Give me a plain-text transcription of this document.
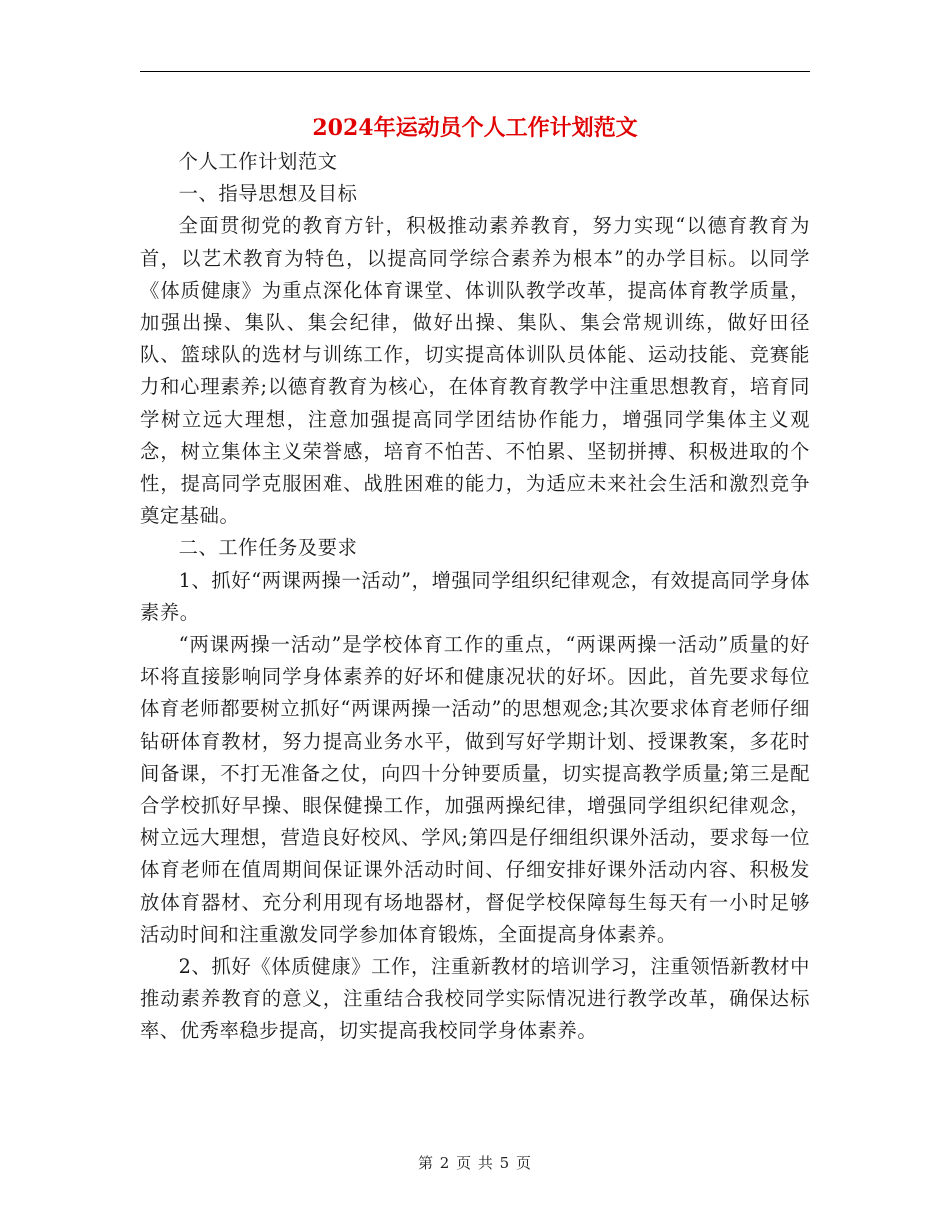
2024年运动员个人工作计划范文

个人工作计划范文

一、指导思想及目标

全面贯彻党的教育方针，积极推动素养教育，努力实现“以德育教育为首，以艺术教育为特色，以提高同学综合素养为根本”的办学目标。以同学《体质健康》为重点深化体育课堂、体训队教学改革，提高体育教学质量，加强出操、集队、集会纪律，做好出操、集队、集会常规训练，做好田径队、篮球队的选材与训练工作，切实提高体训队员体能、运动技能、竞赛能力和心理素养;以德育教育为核心，在体育教育教学中注重思想教育，培育同学树立远大理想，注意加强提高同学团结协作能力，增强同学集体主义观念，树立集体主义荣誉感，培育不怕苦、不怕累、坚韧拼搏、积极进取的个性，提高同学克服困难、战胜困难的能力，为适应未来社会生活和激烈竞争奠定基础。

二、工作任务及要求

1、抓好“两课两操一活动”，增强同学组织纪律观念，有效提高同学身体素养。

“两课两操一活动”是学校体育工作的重点，“两课两操一活动”质量的好坏将直接影响同学身体素养的好坏和健康况状的好坏。因此，首先要求每位体育老师都要树立抓好“两课两操一活动”的思想观念;其次要求体育老师仔细钻研体育教材，努力提高业务水平，做到写好学期计划、授课教案，多花时间备课，不打无准备之仗，向四十分钟要质量，切实提高教学质量;第三是配合学校抓好早操、眼保健操工作，加强两操纪律，增强同学组织纪律观念，树立远大理想，营造良好校风、学风;第四是仔细组织课外活动，要求每一位体育老师在值周期间保证课外活动时间、仔细安排好课外活动内容、积极发放体育器材、充分利用现有场地器材，督促学校保障每生每天有一小时足够活动时间和注重激发同学参加体育锻炼，全面提高身体素养。

2、抓好《体质健康》工作，注重新教材的培训学习，注重领悟新教材中推动素养教育的意义，注重结合我校同学实际情况进行教学改革，确保达标率、优秀率稳步提高，切实提高我校同学身体素养。

第 2 页 共 5 页
